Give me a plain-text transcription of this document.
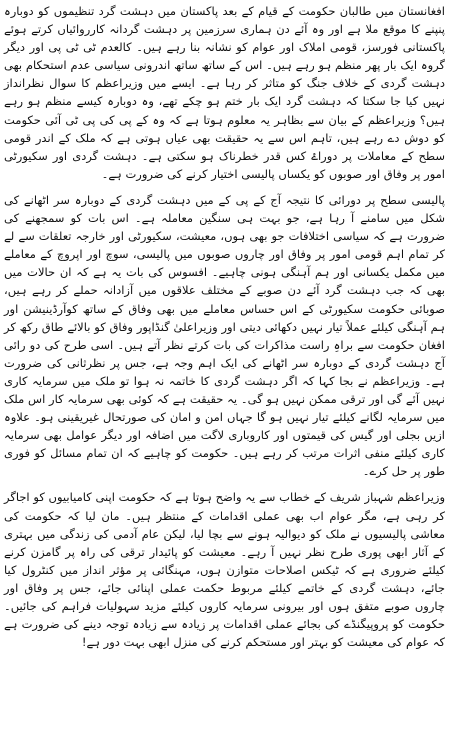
افغانستان میں طالبان حکومت کے قیام کے بعد پاکستان میں دہشت گرد تنظیموں کو دوبارہ پنپنے کا موقع ملا ہے اور وہ آئے دن ہماری سرزمین پر دہشت گردانہ کارروائیاں کرتے ہوئے پاکستانی فورسز، قومی املاک اور عوام کو نشانہ بنا رہے ہیں۔ کالعدم ٹی ٹی پی اور دیگر گروہ ایک بار پھر منظم ہو رہے ہیں۔ اس کے ساتھ ساتھ اندرونی سیاسی عدم استحکام بھی دہشت گردی کے خلاف جنگ کو متاثر کر رہا ہے۔ ایسے میں وزیراعظم کا سوال نظرانداز نہیں کیا جا سکتا کہ دہشت گرد ایک بار ختم ہو چکے تھے، وہ دوبارہ کیسے منظم ہو رہے ہیں؟ وزیراعظم کے بیان سے بظاہر یہ معلوم ہوتا ہے کہ وہ کے پی کی پی ٹی آئی حکومت کو دوش دے رہے ہیں، تاہم اس سے یہ حقیقت بھی عیاں ہوتی ہے کہ ملک کے اندر قومی سطح کے معاملات پر دوراۓ کس قدر خطرناک ہو سکتی ہے۔ دہشت گردی اور سکیورٹی امور پر وفاق اور صوبوں کو یکساں پالیسی اختیار کرنے کی ضرورت ہے۔

پالیسی سطح پر دورائی کا نتیجہ آج کے پی کے میں دہشت گردی کے دوبارہ سر اٹھانے کی شکل میں سامنے آ رہا ہے، جو بہت ہی سنگین معاملہ ہے۔ اس بات کو سمجھنے کی ضرورت ہے کہ سیاسی اختلافات جو بھی ہوں، معیشت، سکیورٹی اور خارجہ تعلقات سے لے کر تمام اہم قومی امور پر وفاق اور چاروں صوبوں میں پالیسی، سوچ اور اپروچ کے معاملے میں مکمل یکسانی اور ہم آہنگی ہونی چاہیے۔ افسوس کی بات یہ ہے کہ ان حالات میں بھی کہ جب دہشت گرد آئے دن صوبے کے مختلف علاقوں میں آزادانہ حملے کر رہے ہیں، صوبائی حکومت سکیورٹی کے اس حساس معاملے میں بھی وفاق کے ساتھ کوآرڈینیشن اور ہم آہنگی کیلئے عملاً تیار نہیں دکھائی دیتی اور وزیراعلیٰ گنڈاپور وفاق کو بالائے طاق رکھ کر افغان حکومت سے براہِ راست مذاکرات کی بات کرتے نظر آتے ہیں۔ اسی طرح کی دو رائی آج دہشت گردی کے دوبارہ سر اٹھانے کی ایک اہم وجہ ہے، جس پر نظرثانی کی ضرورت ہے۔ وزیراعظم نے بجا کہا کہ اگر دہشت گردی کا خاتمہ نہ ہوا تو ملک میں سرمایہ کاری نہیں آئے گی اور ترقی ممکن نہیں ہو گی۔ یہ حقیقت ہے کہ کوئی بھی سرمایہ کار اس ملک میں سرمایہ لگانے کیلئے تیار نہیں ہو گا جہاں امن و امان کی صورتحال غیریقینی ہو۔ علاوہ ازیں بجلی اور گیس کی قیمتوں اور کاروباری لاگت میں اضافہ اور دیگر عوامل بھی سرمایہ کاری کیلئے منفی اثرات مرتب کر رہے ہیں۔ حکومت کو چاہیے کہ ان تمام مسائل کو فوری طور پر حل کرے۔

وزیراعظم شہباز شریف کے خطاب سے یہ واضح ہوتا ہے کہ حکومت اپنی کامیابیوں کو اجاگر کر رہی ہے، مگر عوام اب بھی عملی اقدامات کے منتظر ہیں۔ مان لیا کہ حکومت کی معاشی پالیسیوں نے ملک کو دیوالیہ ہونے سے بچا لیا، لیکن عام آدمی کی زندگی میں بہتری کے آثار ابھی پوری طرح نظر نہیں آ رہے۔ معیشت کو پائیدار ترقی کی راہ پر گامزن کرنے کیلئے ضروری ہے کہ ٹیکس اصلاحات متوازن ہوں، مہنگائی پر مؤثر انداز میں کنٹرول کیا جائے، دہشت گردی کے خاتمے کیلئے مربوط حکمت عملی اپنائی جائے، جس پر وفاق اور چاروں صوبے متفق ہوں اور بیرونی سرمایہ کاروں کیلئے مزید سہولیات فراہم کی جائیں۔ حکومت کو پروپیگنڈے کی بجائے عملی اقدامات پر زیادہ سے زیادہ توجہ دینے کی ضرورت ہے کہ عوام کی معیشت کو بہتر اور مستحکم کرنے کی منزل ابھی بہت دور ہے!
